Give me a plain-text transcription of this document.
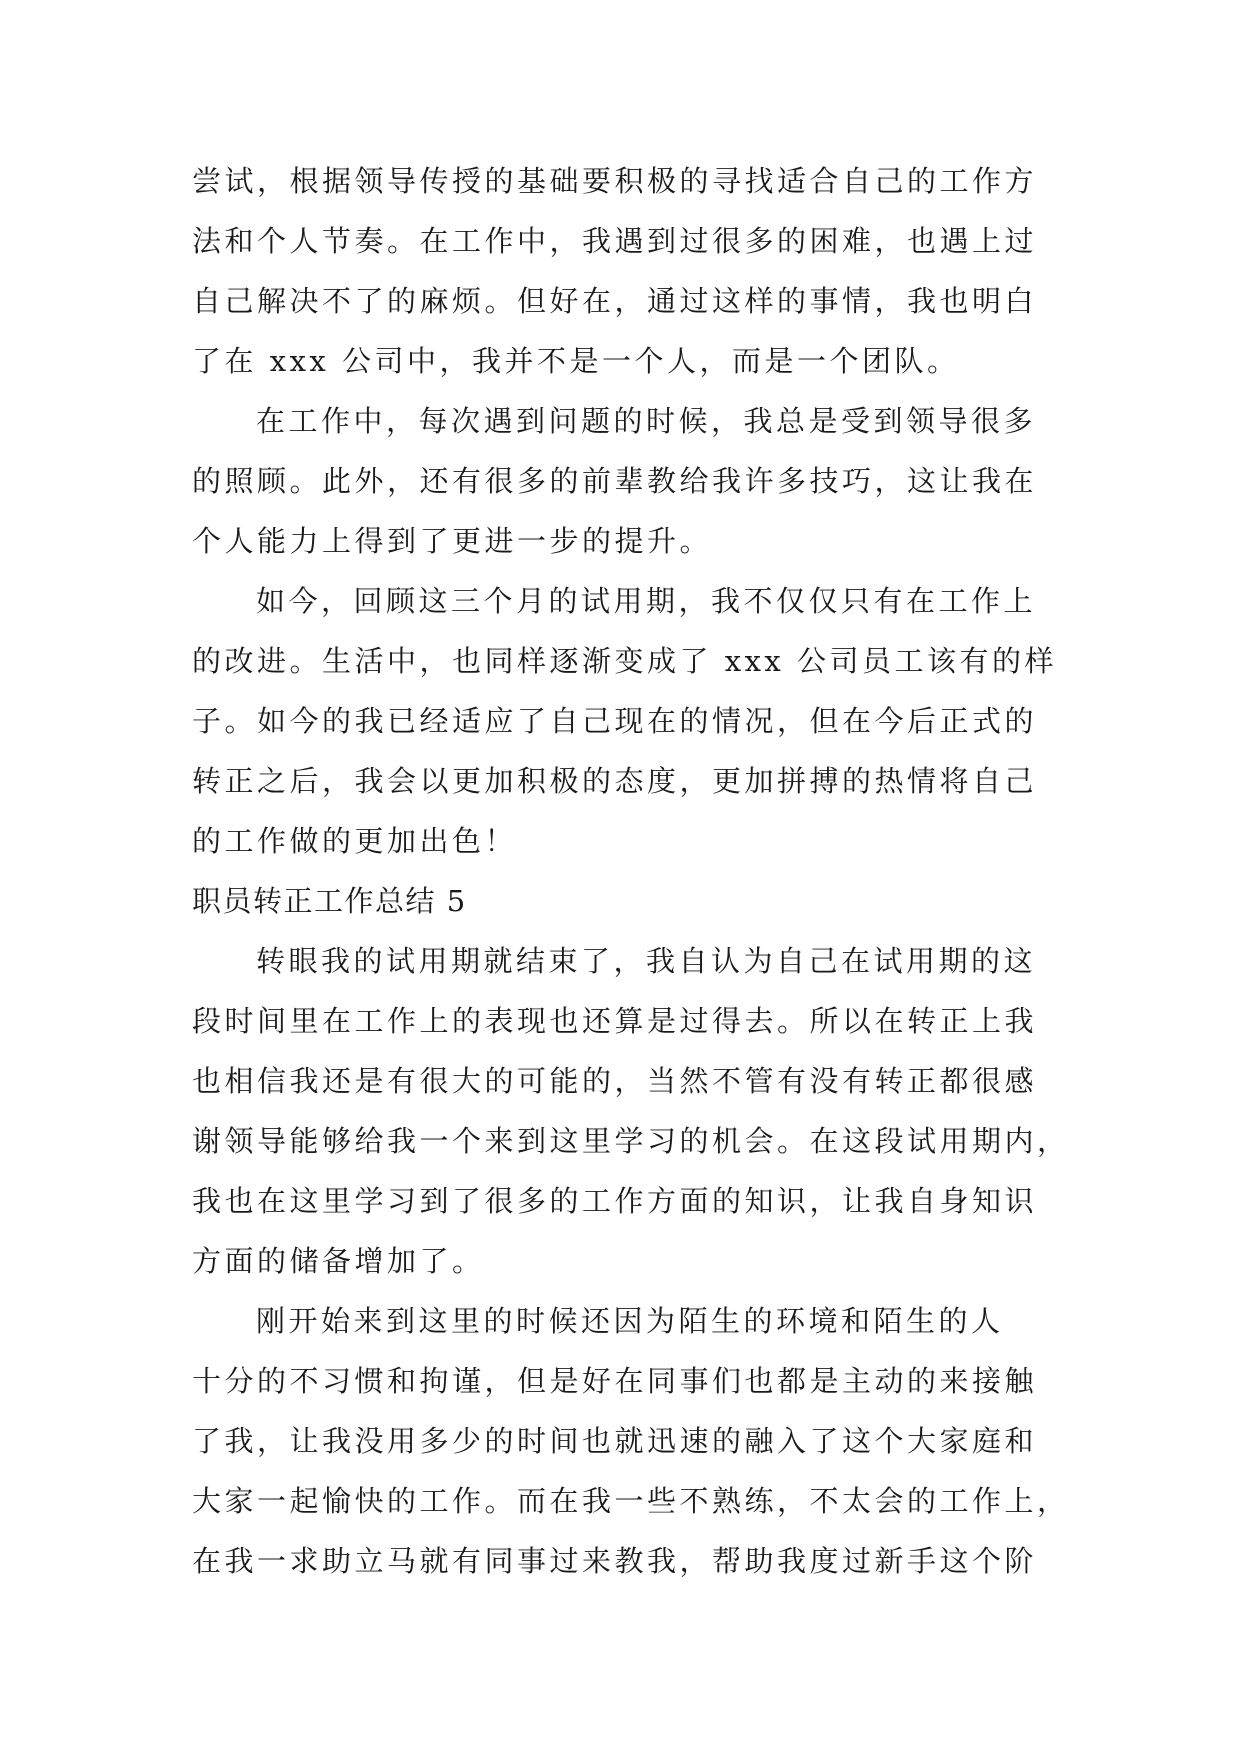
尝试，根据领导传授的基础要积极的寻找适合自己的工作方
法和个人节奏。在工作中，我遇到过很多的困难，也遇上过
自己解决不了的麻烦。但好在，通过这样的事情，我也明白
了在 xxx 公司中，我并不是一个人，而是一个团队。
在工作中，每次遇到问题的时候，我总是受到领导很多
的照顾。此外，还有很多的前辈教给我许多技巧，这让我在
个人能力上得到了更进一步的提升。
如今，回顾这三个月的试用期，我不仅仅只有在工作上
的改进。生活中，也同样逐渐变成了 xxx 公司员工该有的样
子。如今的我已经适应了自己现在的情况，但在今后正式的
转正之后，我会以更加积极的态度，更加拼搏的热情将自己
的工作做的更加出色！
职员转正工作总结 5
转眼我的试用期就结束了，我自认为自己在试用期的这
段时间里在工作上的表现也还算是过得去。所以在转正上我
也相信我还是有很大的可能的，当然不管有没有转正都很感
谢领导能够给我一个来到这里学习的机会。在这段试用期内，
我也在这里学习到了很多的工作方面的知识，让我自身知识
方面的储备增加了。
刚开始来到这里的时候还因为陌生的环境和陌生的人
十分的不习惯和拘谨，但是好在同事们也都是主动的来接触
了我，让我没用多少的时间也就迅速的融入了这个大家庭和
大家一起愉快的工作。而在我一些不熟练，不太会的工作上，
在我一求助立马就有同事过来教我，帮助我度过新手这个阶
